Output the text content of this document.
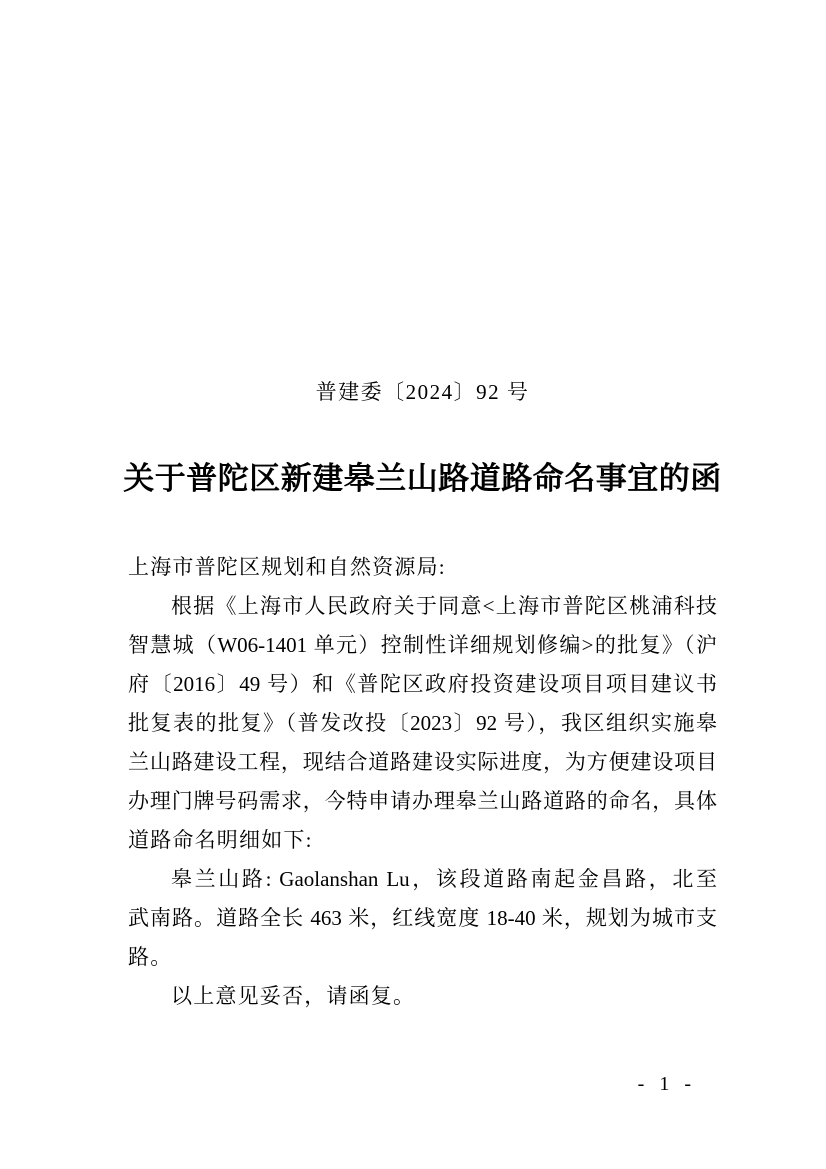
普建委〔2024〕92 号
关于普陀区新建皋兰山路道路命名事宜的函
上海市普陀区规划和自然资源局:
根据《上海市人民政府关于同意<上海市普陀区桃浦科技
智慧城（W06-1401 单元）控制性详细规划修编>的批复》（沪
府〔2016〕49 号）和《普陀区政府投资建设项目项目建议书
批复表的批复》（普发改投〔2023〕92 号），我区组织实施皋
兰山路建设工程，现结合道路建设实际进度，为方便建设项目
办理门牌号码需求，今特申请办理皋兰山路道路的命名，具体
道路命名明细如下:
皋兰山路: Gaolanshan Lu，该段道路南起金昌路，北至
武南路。道路全长 463 米，红线宽度 18-40 米，规划为城市支
路。
以上意见妥否，请函复。
- 1 -
